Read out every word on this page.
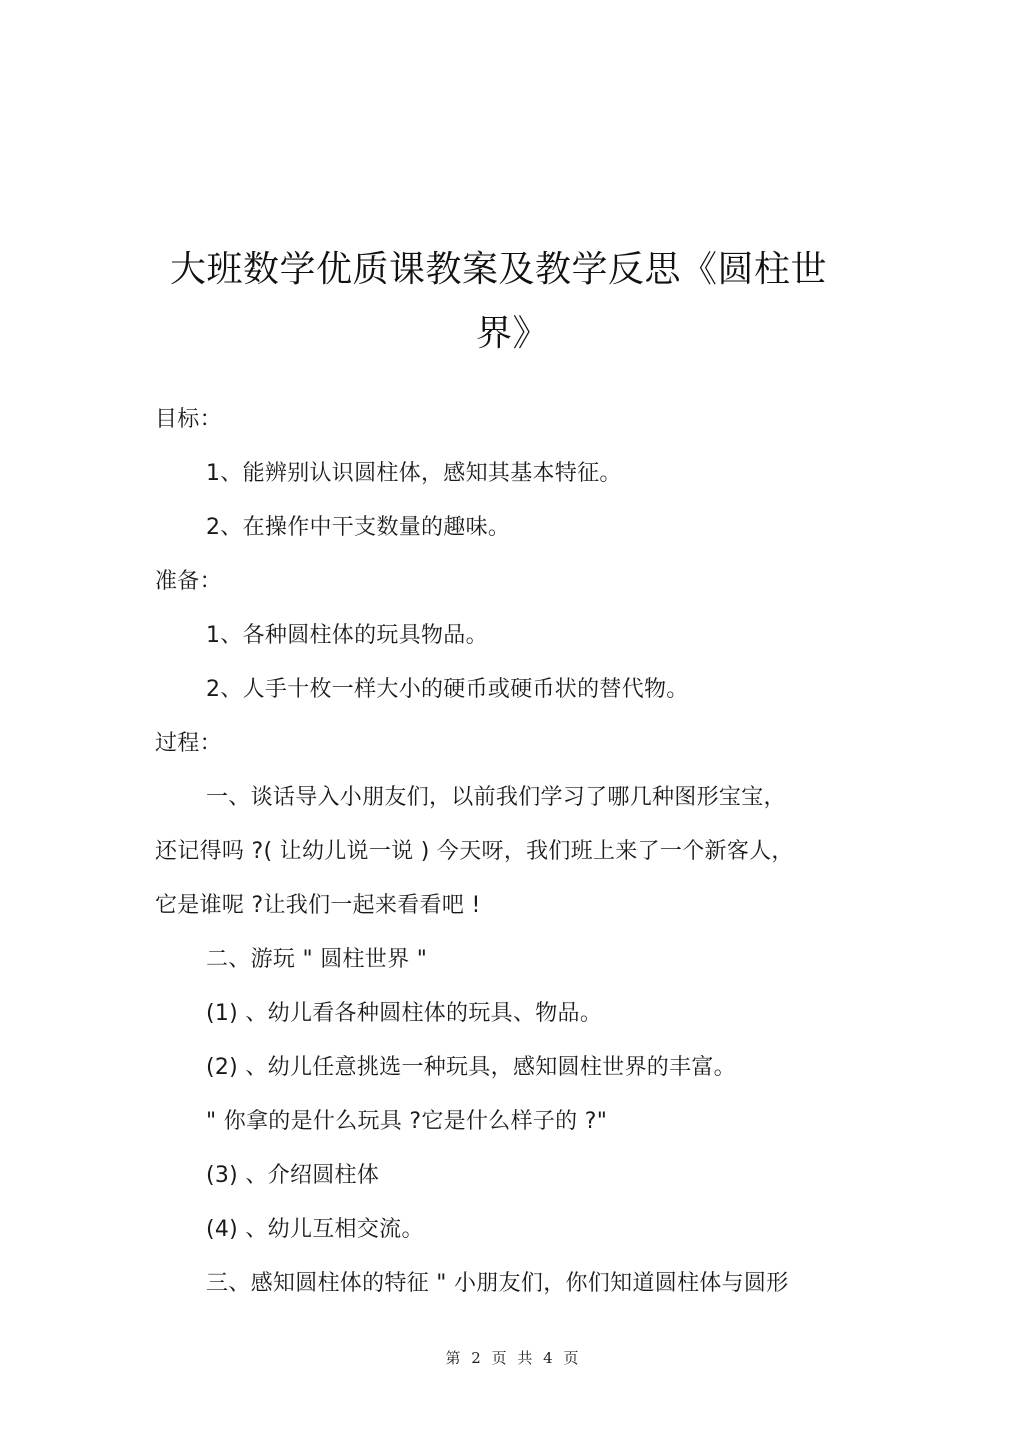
大班数学优质课教案及教学反思《圆柱世
界》
目标：
1、能辨别认识圆柱体，感知其基本特征。
2、在操作中干支数量的趣味。
准备：
1、各种圆柱体的玩具物品。
2、人手十枚一样大小的硬币或硬币状的替代物。
过程：
一、谈话导入小朋友们，以前我们学习了哪几种图形宝宝，
还记得吗 ?( 让幼儿说一说 ) 今天呀，我们班上来了一个新客人，
它是谁呢 ?让我们一起来看看吧 !
二、游玩 " 圆柱世界 "
(1) 、幼儿看各种圆柱体的玩具、物品。
(2) 、幼儿任意挑选一种玩具，感知圆柱世界的丰富。
" 你拿的是什么玩具 ?它是什么样子的 ?"
(3) 、介绍圆柱体
(4) 、幼儿互相交流。
三、感知圆柱体的特征 " 小朋友们，你们知道圆柱体与圆形
第 2 页 共 4 页
